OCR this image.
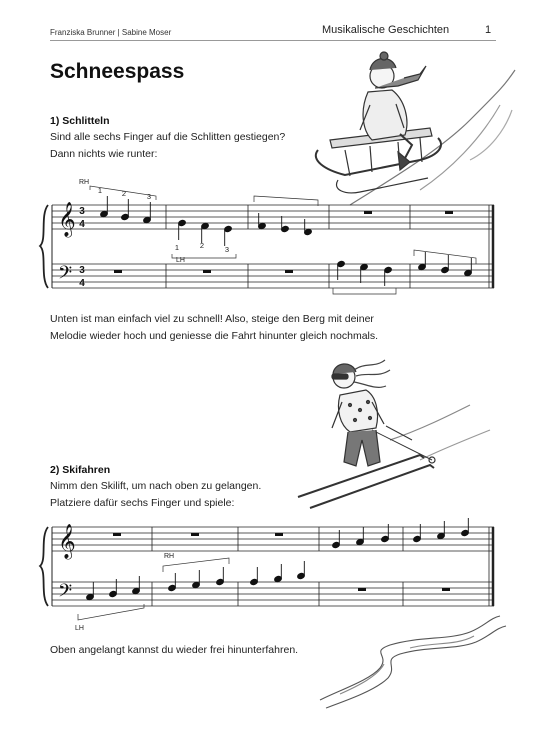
Franziska Brunner | Sabine Moser	Musikalische Geschichten	1
Schneespass
1) Schlitteln
Sind alle sechs Finger auf die Schlitten gestiegen?
Dann nichts wie runter:
Unten ist man einfach viel zu schnell! Also, steige den Berg mit deiner
Melodie wieder hoch und geniesse die Fahrt hinunter gleich nochmals.
2) Skifahren
Nimm den Skilift, um nach oben zu gelangen.
Platziere dafür sechs Finger und spiele:
Oben angelangt kannst du wieder frei hinunterfahren.
𝄞
𝄢
3
4
3
4
RH
1	2	3
1	2	3
LH
𝄞
𝄢
LH
RH
